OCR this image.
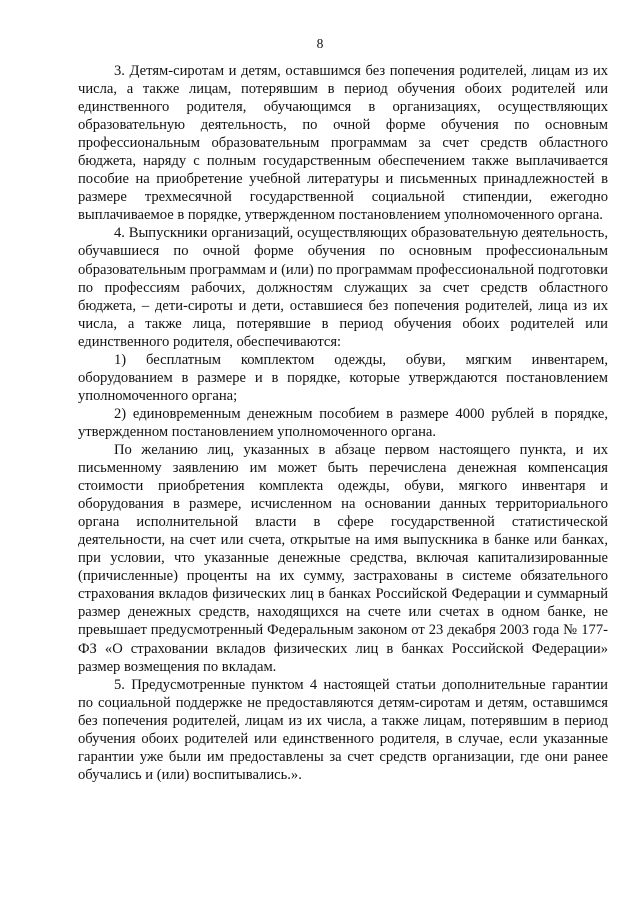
8

3. Детям-сиротам и детям, оставшимся без попечения родителей, лицам из их числа, а также лицам, потерявшим в период обучения обоих родителей или единственного родителя, обучающимся в организациях, осуществляющих образовательную деятельность, по очной форме обучения по основным профессиональным образовательным программам за счет средств областного бюджета, наряду с полным государственным обеспечением также выплачивается пособие на приобретение учебной литературы и письменных принадлежностей в размере трехмесячной государственной социальной стипендии, ежегодно выплачиваемое в порядке, утвержденном постановлением уполномоченного органа.

4. Выпускники организаций, осуществляющих образовательную деятельность, обучавшиеся по очной форме обучения по основным профессиональным образовательным программам и (или) по программам профессиональной подготовки по профессиям рабочих, должностям служащих за счет средств областного бюджета, – дети-сироты и дети, оставшиеся без попечения родителей, лица из их числа, а также лица, потерявшие в период обучения обоих родителей или единственного родителя, обеспечиваются:

1) бесплатным комплектом одежды, обуви, мягким инвентарем, оборудованием в размере и в порядке, которые утверждаются постановлением уполномоченного органа;

2) единовременным денежным пособием в размере 4000 рублей в порядке, утвержденном постановлением уполномоченного органа.

По желанию лиц, указанных в абзаце первом настоящего пункта, и их письменному заявлению им может быть перечислена денежная компенсация стоимости приобретения комплекта одежды, обуви, мягкого инвентаря и оборудования в размере, исчисленном на основании данных территориального органа исполнительной власти в сфере государственной статистической деятельности, на счет или счета, открытые на имя выпускника в банке или банках, при условии, что указанные денежные средства, включая капитализированные (причисленные) проценты на их сумму, застрахованы в системе обязательного страхования вкладов физических лиц в банках Российской Федерации и суммарный размер денежных средств, находящихся на счете или счетах в одном банке, не превышает предусмотренный Федеральным законом от 23 декабря 2003 года № 177-ФЗ «О страховании вкладов физических лиц в банках Российской Федерации» размер возмещения по вкладам.

5. Предусмотренные пунктом 4 настоящей статьи дополнительные гарантии по социальной поддержке не предоставляются детям-сиротам и детям, оставшимся без попечения родителей, лицам из их числа, а также лицам, потерявшим в период обучения обоих родителей или единственного родителя, в случае, если указанные гарантии уже были им предоставлены за счет средств организации, где они ранее обучались и (или) воспитывались.».
